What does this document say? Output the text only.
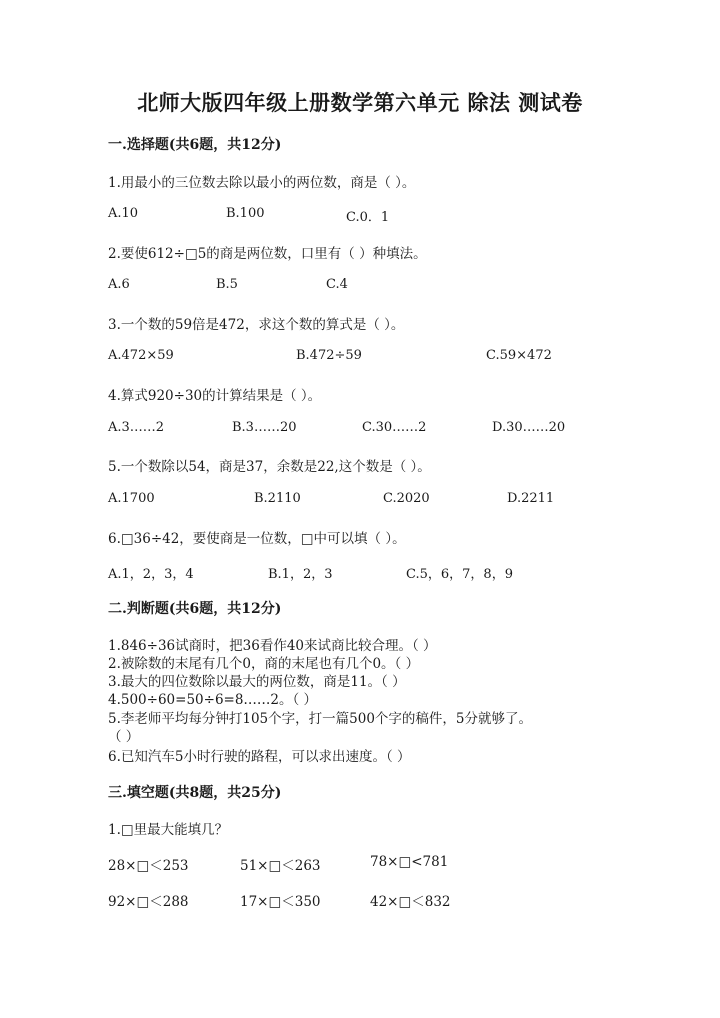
北师大版四年级上册数学第六单元 除法 测试卷
一.选择题(共6题，共12分)
1.用最小的三位数去除以最小的两位数，商是（ ）。
A.10	B.100	C.0．1
2.要使612÷□5的商是两位数，口里有（ ）种填法。
A.6	B.5	C.4
3.一个数的59倍是472，求这个数的算式是（ ）。
A.472×59	B.472÷59	C.59×472
4.算式920÷30的计算结果是（ ）。
A.3……2	B.3……20	C.30……2	D.30……20
5.一个数除以54，商是37，余数是22,这个数是（ ）。
A.1700	B.2110	C.2020	D.2211
6.□36÷42，要使商是一位数，□中可以填（ ）。
A.1，2，3，4	B.1，2，3	C.5，6，7，8，9
二.判断题(共6题，共12分)
1.846÷36试商时，把36看作40来试商比较合理。（ ）
2.被除数的末尾有几个0，商的末尾也有几个0。（ ）
3.最大的四位数除以最大的两位数，商是11。（ ）
4.500÷60=50÷6=8……2。（ ）
5.李老师平均每分钟打105个字，打一篇500个字的稿件，5分就够了。
（ ）
6.已知汽车5小时行驶的路程，可以求出速度。（ ）
三.填空题(共8题，共25分)
1.□里最大能填几？
28×□＜253	51×□＜263	78×□<781
92×□＜288	17×□＜350	42×□＜832
